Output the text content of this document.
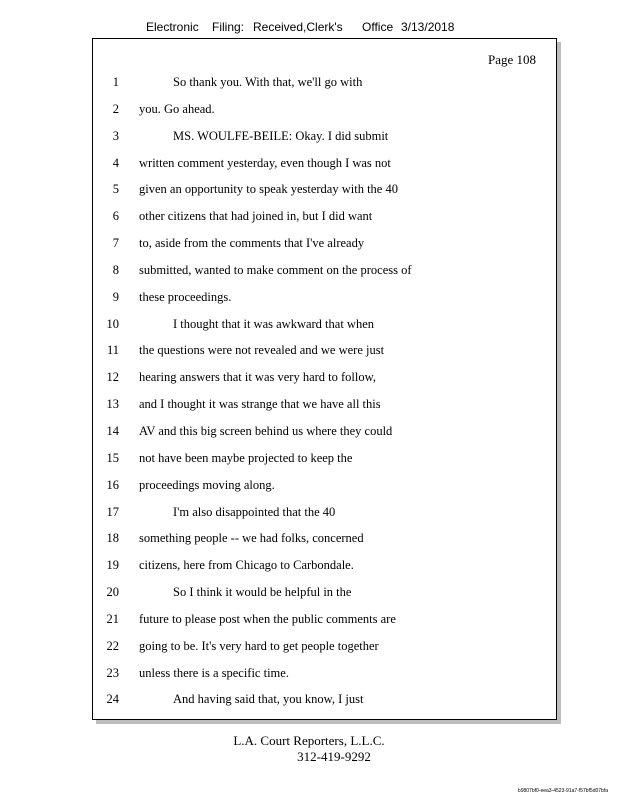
Electronic Filing: Received,Clerk's Office 3/13/2018
Page 108
1	So thank you. With that, we'll go with
2 you. Go ahead.
3	MS. WOULFE-BEILE: Okay. I did submit
4 written comment yesterday, even though I was not
5 given an opportunity to speak yesterday with the 40
6 other citizens that had joined in, but I did want
7 to, aside from the comments that I've already
8 submitted, wanted to make comment on the process of
9 these proceedings.
10	I thought that it was awkward that when
11 the questions were not revealed and we were just
12 hearing answers that it was very hard to follow,
13 and I thought it was strange that we have all this
14 AV and this big screen behind us where they could
15 not have been maybe projected to keep the
16 proceedings moving along.
17	I'm also disappointed that the 40
18 something people -- we had folks, concerned
19 citizens, here from Chicago to Carbondale.
20	So I think it would be helpful in the
21 future to please post when the public comments are
22 going to be. It's very hard to get people together
23 unless there is a specific time.
24	And having said that, you know, I just
L.A. Court Reporters, L.L.C.
312-419-9292
b9807bf0-eea3-4523-91a7-f57bf5d07bfa
